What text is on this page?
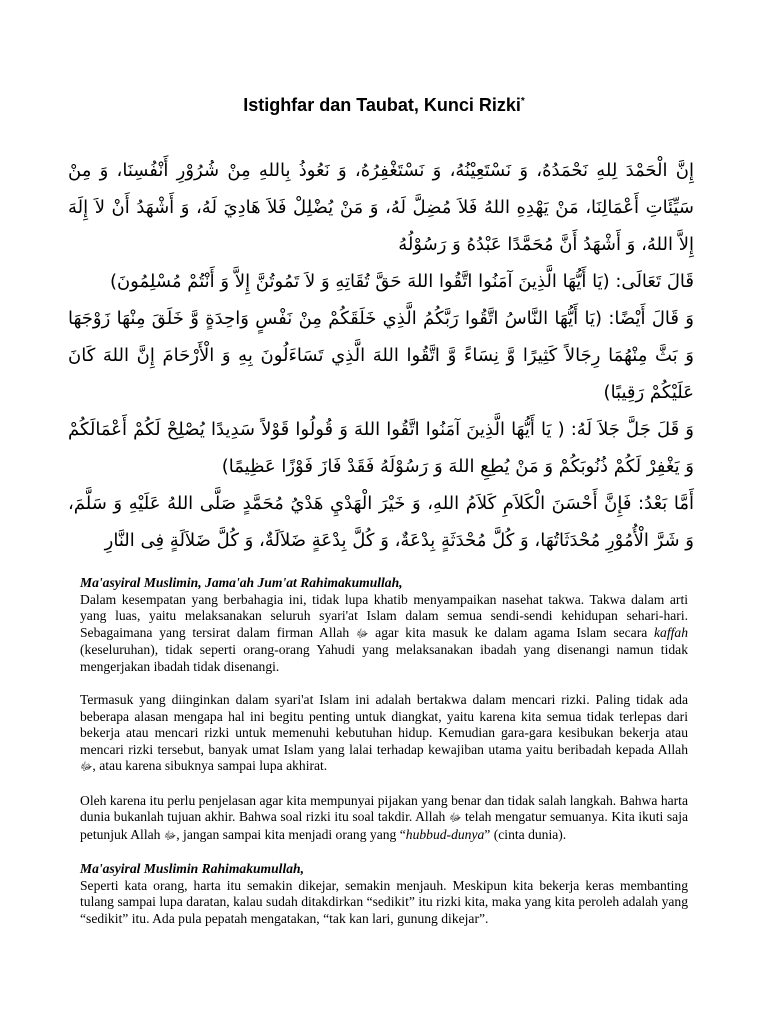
Istighfar dan Taubat, Kunci Rizki*

إِنَّ الْحَمْدَ لِلهِ نَحْمَدُهُ، وَ نَسْتَعِيْنُهُ، وَ نَسْتَغْفِرُهُ، وَ نَعُوذُ بِاللهِ مِنْ شُرُوْرِ أَنْفُسِنَا، وَ مِنْ سَيِّئَاتِ أَعْمَالِنَا، مَنْ يَهْدِهِ اللهُ فَلاَ مُضِلَّ لَهُ، وَ مَنْ يُضْلِلْ فَلاَ هَادِيَ لَهُ، وَ أَشْهَدُ أَنْ لاَ إِلَهَ إِلاَّ اللهُ، وَ أَشْهَدُ أَنَّ مُحَمَّدًا عَبْدُهُ وَ رَسُوْلُهُ

قَالَ تَعَالَى: (يَا أَيُّهَا الَّذِينَ آمَنُوا اتَّقُوا اللهَ حَقَّ تُقَاتِهِ وَ لاَ تَمُوتُنَّ إِلاَّ وَ أَنْتُمْ مُسْلِمُونَ)

وَ قَالَ أَيْضًا: (يَا أَيُّهَا النَّاسُ اتَّقُوا رَبَّكُمُ الَّذِي خَلَقَكُمْ مِنْ نَفْسٍ وَاحِدَةٍ وَّ خَلَقَ مِنْهَا زَوْجَهَا وَ بَثَّ مِنْهُمَا رِجَالاً كَثِيرًا وَّ نِسَاءً وَّ اتَّقُوا اللهَ الَّذِي تَسَاءَلُونَ بِهِ وَ الْأَرْحَامَ إِنَّ اللهَ كَانَ عَلَيْكُمْ رَقِيبًا)

وَ قَلَ جَلَّ جَلاَ لَهُ: ( يَا أَيُّهَا الَّذِينَ آمَنُوا اتَّقُوا اللهَ وَ قُولُوا قَوْلاً سَدِيدًا يُصْلِحْ لَكُمْ أَعْمَالَكُمْ وَ يَغْفِرْ لَكُمْ ذُنُوبَكُمْ وَ مَنْ يُطِعِ اللهَ وَ رَسُوْلَهُ فَقَدْ فَازَ فَوْزًا عَظِيمًا)

أَمَّا بَعْدُ: فَإِنَّ أَحْسَنَ الْكَلاَمِ كَلاَمُ اللهِ، وَ خَيْرَ الْهَدْيِ هَدْيُ مُحَمَّدٍ صَلَّى اللهُ عَلَيْهِ وَ سَلَّمَ، وَ شَرَّ الْأُمُوْرِ مُحْدَثَاتُهَا، وَ كُلَّ مُحْدَثَةٍ بِدْعَةٌ، وَ كُلَّ بِدْعَةٍ ضَلاَلَةٌ، وَ كُلَّ ضَلاَلَةٍ فِى النَّارِ

Ma'asyiral Muslimin, Jama'ah Jum'at Rahimakumullah,

Dalam kesempatan yang berbahagia ini, tidak lupa khatib menyampaikan nasehat takwa. Takwa dalam arti yang luas, yaitu melaksanakan seluruh syari'at Islam dalam semua sendi-sendi kehidupan sehari-hari. Sebagaimana yang tersirat dalam firman Allah ﷻ agar kita masuk ke dalam agama Islam secara kaffah (keseluruhan), tidak seperti orang-orang Yahudi yang melaksanakan ibadah yang disenangi namun tidak mengerjakan ibadah tidak disenangi.

Termasuk yang diinginkan dalam syari'at Islam ini adalah bertakwa dalam mencari rizki. Paling tidak ada beberapa alasan mengapa hal ini begitu penting untuk diangkat, yaitu karena kita semua tidak terlepas dari bekerja atau mencari rizki untuk memenuhi kebutuhan hidup. Kemudian gara-gara kesibukan bekerja atau mencari rizki tersebut, banyak umat Islam yang lalai terhadap kewajiban utama yaitu beribadah kepada Allah ﷻ, atau karena sibuknya sampai lupa akhirat.

Oleh karena itu perlu penjelasan agar kita mempunyai pijakan yang benar dan tidak salah langkah. Bahwa harta dunia bukanlah tujuan akhir. Bahwa soal rizki itu soal takdir. Allah ﷻ telah mengatur semuanya. Kita ikuti saja petunjuk Allah ﷻ, jangan sampai kita menjadi orang yang “hubbud-dunya” (cinta dunia).

Ma'asyiral Muslimin Rahimakumullah,

Seperti kata orang, harta itu semakin dikejar, semakin menjauh. Meskipun kita bekerja keras membanting tulang sampai lupa daratan, kalau sudah ditakdirkan “sedikit” itu rizki kita, maka yang kita peroleh adalah yang “sedikit” itu. Ada pula pepatah mengatakan, “tak kan lari, gunung dikejar”.
